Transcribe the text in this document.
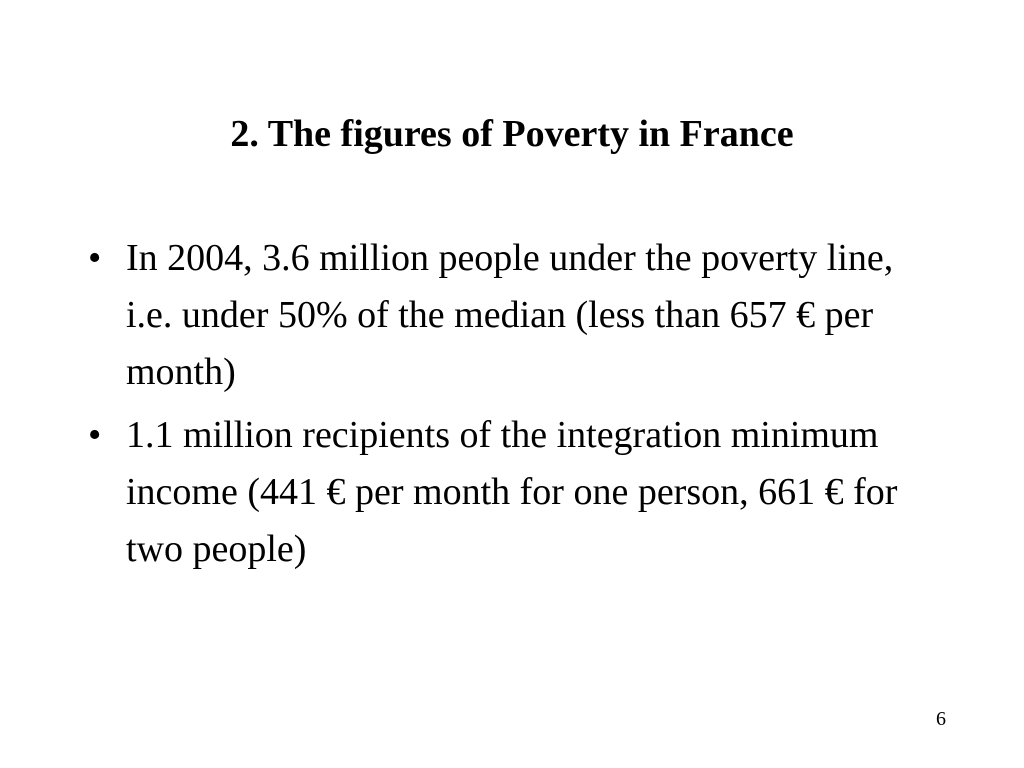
2. The figures of Poverty in France
• In 2004, 3.6 million people under the poverty line, i.e. under 50% of the median (less than 657 € per month)
• 1.1 million recipients of the integration minimum income (441 € per month for one person, 661 € for two people)
6
